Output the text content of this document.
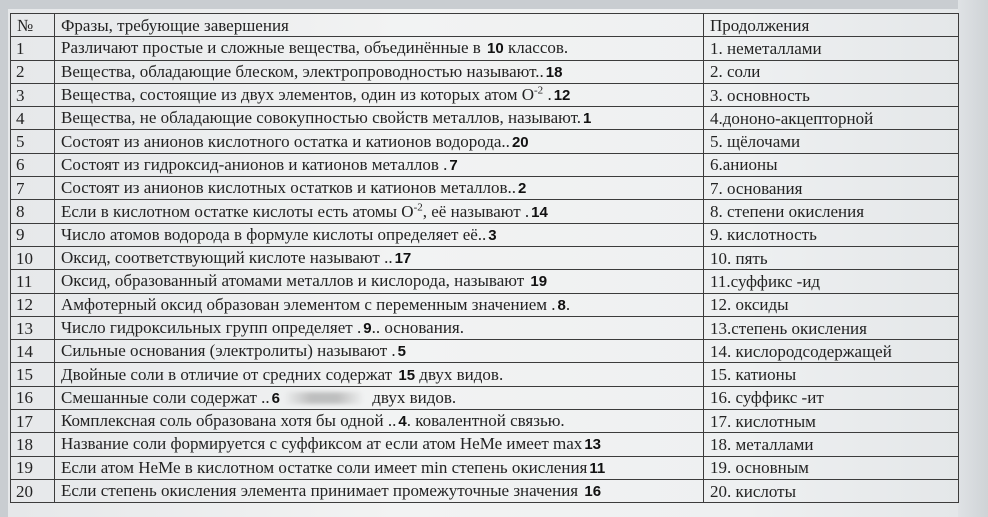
№	Фразы, требующие завершения	Продолжения
1	Различают простые и сложные вещества, объединённые в 10 классов.	1. неметаллами
2	Вещества, обладающие блеском, электропроводностью называют.. 18	2. соли
3	Вещества, состоящие из двух элементов, один из которых атом $О^{-2}$ . 12	3. основность
4	Вещества, не обладающие совокупностью свойств металлов, называют. 1	4.дононо-акцепторной
5	Состоят из анионов кислотного остатка и катионов водорода.. 20	5. щёлочами
6	Состоят из гидроксид-анионов и катионов металлов . 7	6.анионы
7	Состоят из анионов кислотных остатков и катионов металлов.. 2	7. основания
8	Если в кислотном остатке кислоты есть атомы $О^{-2}$, её называют . 14	8. степени окисления
9	Число атомов водорода в формуле кислоты определяет её.. 3	9. кислотность
10	Оксид, соответствующий кислоте называют .. 17	10. пять
11	Оксид, образованный атомами металлов и кислорода, называют 19	11.суффикс -ид
12	Амфотерный оксид образован элементом с переменным значением . 8.	12. оксиды
13	Число гидроксильных групп определяет . 9.. основания.	13.степень окисления
14	Сильные основания (электролиты) называют . 5	14. кислородсодержащей
15	Двойные соли в отличие от средних содержат 15 двух видов.	15. катионы
16	Смешанные соли содержат .. 6 двух видов.	16. суффикс -ит
17	Комплексная соль образована хотя бы одной .. 4. ковалентной связью.	17. кислотным
18	Название соли формируется с суффиксом ат если атом НеМе имеет max 13	18. металлами
19	Если атом НеМе в кислотном остатке соли имеет min степень окисления 11	19. основным
20	Если степень окисления элемента принимает промежуточные значения 16	20. кислоты
